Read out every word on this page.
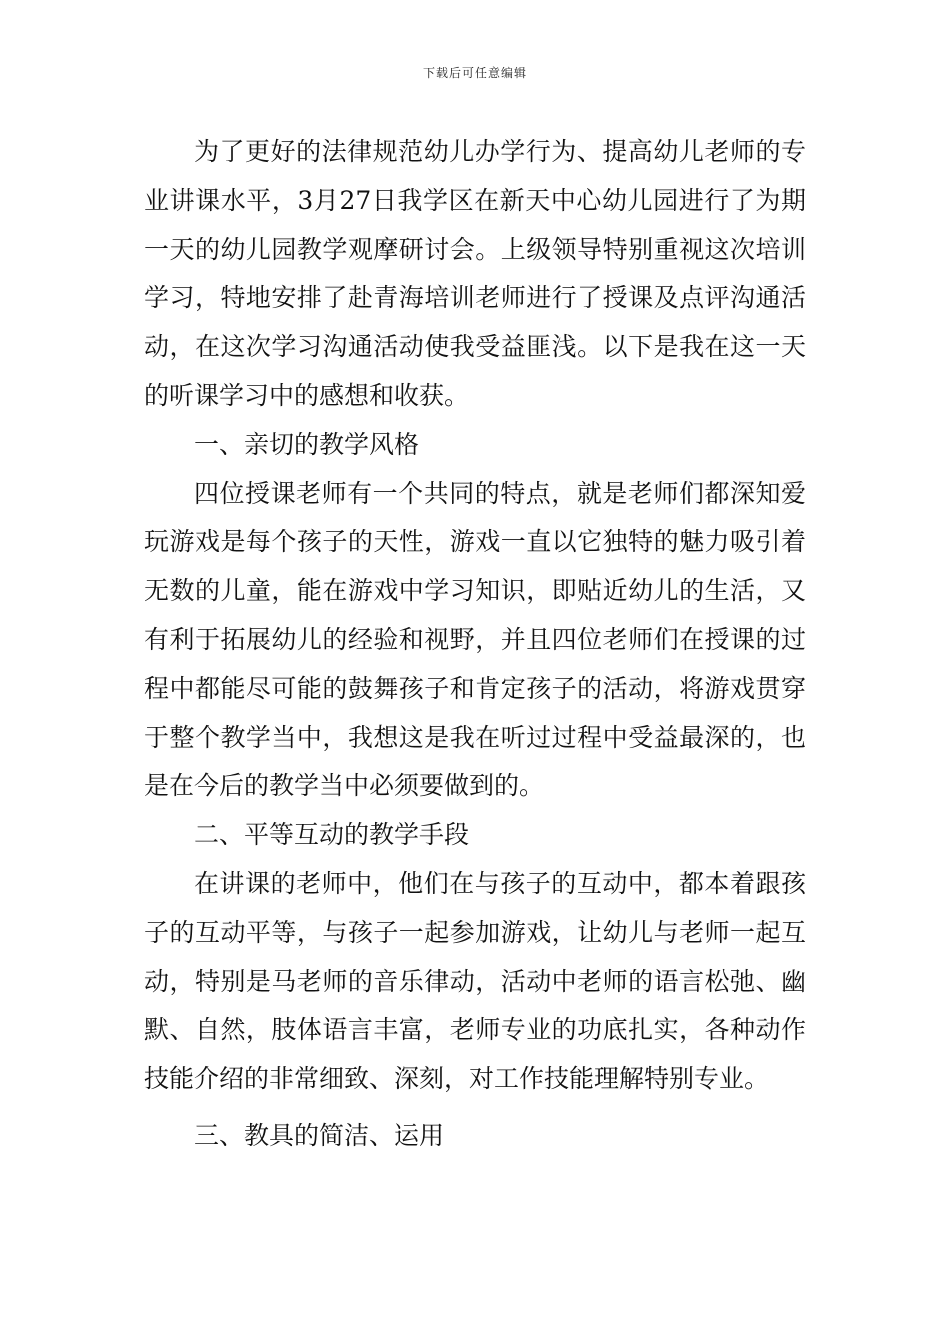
下载后可任意编辑

为了更好的法律规范幼儿办学行为、提高幼儿老师的专业讲课水平，3月27日我学区在新天中心幼儿园进行了为期一天的幼儿园教学观摩研讨会。上级领导特别重视这次培训学习，特地安排了赴青海培训老师进行了授课及点评沟通活动，在这次学习沟通活动使我受益匪浅。以下是我在这一天的听课学习中的感想和收获。

一、亲切的教学风格

四位授课老师有一个共同的特点，就是老师们都深知爱玩游戏是每个孩子的天性，游戏一直以它独特的魅力吸引着无数的儿童，能在游戏中学习知识，即贴近幼儿的生活，又有利于拓展幼儿的经验和视野，并且四位老师们在授课的过程中都能尽可能的鼓舞孩子和肯定孩子的活动，将游戏贯穿于整个教学当中，我想这是我在听过过程中受益最深的，也是在今后的教学当中必须要做到的。

二、平等互动的教学手段

在讲课的老师中，他们在与孩子的互动中，都本着跟孩子的互动平等，与孩子一起参加游戏，让幼儿与老师一起互动，特别是马老师的音乐律动，活动中老师的语言松弛、幽默、自然，肢体语言丰富，老师专业的功底扎实，各种动作技能介绍的非常细致、深刻，对工作技能理解特别专业。

三、教具的简洁、运用
